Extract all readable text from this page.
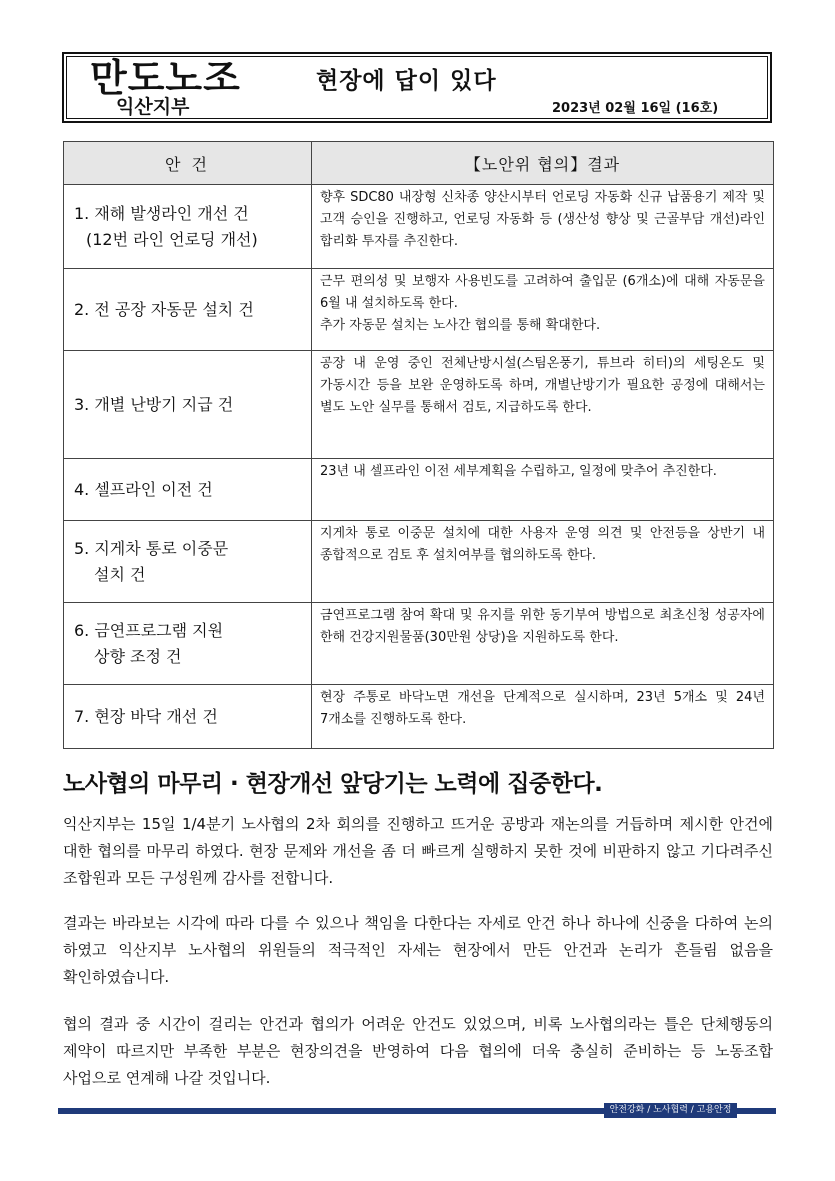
만도노조
익산지부
현장에 답이 있다
2023년 02월 16일 (16호)
안 건	【노안위 협의】결과
1. 재해 발생라인 개선 건
(12번 라인 언로딩 개선)	향후 SDC80 내장형 신차종 양산시부터 언로딩 자동화 신규 납품용기 제작 및 고객 승인을 진행하고, 언로딩 자동화 등 (생산성 향상 및 근골부담 개선)라인 합리화 투자를 추진한다.
2. 전 공장 자동문 설치 건	근무 편의성 및 보행자 사용빈도를 고려하여 출입문 (6개소)에 대해 자동문을 6월 내 설치하도록 한다.
추가 자동문 설치는 노사간 협의를 통해 확대한다.
3. 개별 난방기 지급 건	공장 내 운영 중인 전체난방시설(스팀온풍기, 튜브라 히터)의 세팅온도 및 가동시간 등을 보완 운영하도록 하며, 개별난방기가 필요한 공정에 대해서는 별도 노안 실무를 통해서 검토, 지급하도록 한다.
4. 셀프라인 이전 건	23년 내 셀프라인 이전 세부계획을 수립하고, 일정에 맞추어 추진한다.
5. 지게차 통로 이중문
설치 건	지게차 통로 이중문 설치에 대한 사용자 운영 의견 및 안전등을 상반기 내 종합적으로 검토 후 설치여부를 협의하도록 한다.
6. 금연프로그램 지원
상향 조정 건	금연프로그램 참여 확대 및 유지를 위한 동기부여 방법으로 최초신청 성공자에 한해 건강지원물품(30만원 상당)을 지원하도록 한다.
7. 현장 바닥 개선 건	현장 주통로 바닥노면 개선을 단계적으로 실시하며, 23년 5개소 및 24년 7개소를 진행하도록 한다.
노사협의 마무리 · 현장개선 앞당기는 노력에 집중한다.
익산지부는 15일 1/4분기 노사협의 2차 회의를 진행하고 뜨거운 공방과 재논의를 거듭하며 제시한 안건에 대한 협의를 마무리 하였다. 현장 문제와 개선을 좀 더 빠르게 실행하지 못한 것에 비판하지 않고 기다려주신 조합원과 모든 구성원께 감사를 전합니다.
결과는 바라보는 시각에 따라 다를 수 있으나 책임을 다한다는 자세로 안건 하나 하나에 신중을 다하여 논의 하였고 익산지부 노사협의 위원들의 적극적인 자세는 현장에서 만든 안건과 논리가 흔들림 없음을 확인하였습니다.
협의 결과 중 시간이 걸리는 안건과 협의가 어려운 안건도 있었으며, 비록 노사협의라는 틀은 단체행동의 제약이 따르지만 부족한 부분은 현장의견을 반영하여 다음 협의에 더욱 충실히 준비하는 등 노동조합 사업으로 연계해 나갈 것입니다.
안전강화 / 노사협력 / 고용안정
